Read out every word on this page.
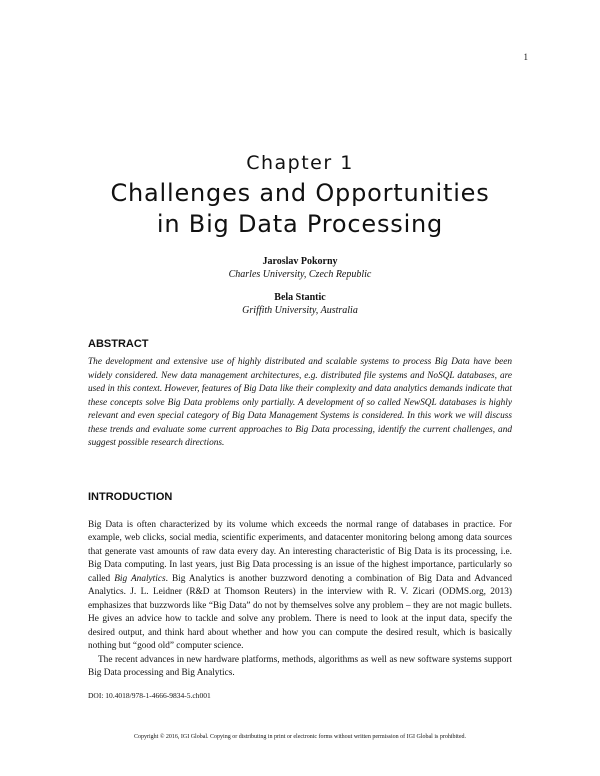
1
Chapter 1
Challenges and Opportunities
in Big Data Processing
Jaroslav Pokorny
Charles University, Czech Republic
Bela Stantic
Griffith University, Australia
ABSTRACT

The development and extensive use of highly distributed and scalable systems to process Big Data have been widely considered. New data management architectures, e.g. distributed file systems and NoSQL databases, are used in this context. However, features of Big Data like their complexity and data analytics demands indicate that these concepts solve Big Data problems only partially. A development of so called NewSQL databases is highly relevant and even special category of Big Data Management Systems is considered. In this work we will discuss these trends and evaluate some current approaches to Big Data processing, identify the current challenges, and suggest possible research directions.

INTRODUCTION

Big Data is often characterized by its volume which exceeds the normal range of databases in practice. For example, web clicks, social media, scientific experiments, and datacenter monitoring belong among data sources that generate vast amounts of raw data every day. An interesting characteristic of Big Data is its processing, i.e. Big Data computing. In last years, just Big Data processing is an issue of the highest importance, particularly so called Big Analytics. Big Analytics is another buzzword denoting a combination of Big Data and Advanced Analytics. J. L. Leidner (R&D at Thomson Reuters) in the interview with R. V. Zicari (ODMS.org, 2013) emphasizes that buzzwords like “Big Data” do not by themselves solve any problem – they are not magic bullets. He gives an advice how to tackle and solve any problem. There is need to look at the input data, specify the desired output, and think hard about whether and how you can compute the desired result, which is basically nothing but “good old” computer science.

The recent advances in new hardware platforms, methods, algorithms as well as new software systems support Big Data processing and Big Analytics.

DOI: 10.4018/978-1-4666-9834-5.ch001
Copyright © 2016, IGI Global. Copying or distributing in print or electronic forms without written permission of IGI Global is prohibited.
